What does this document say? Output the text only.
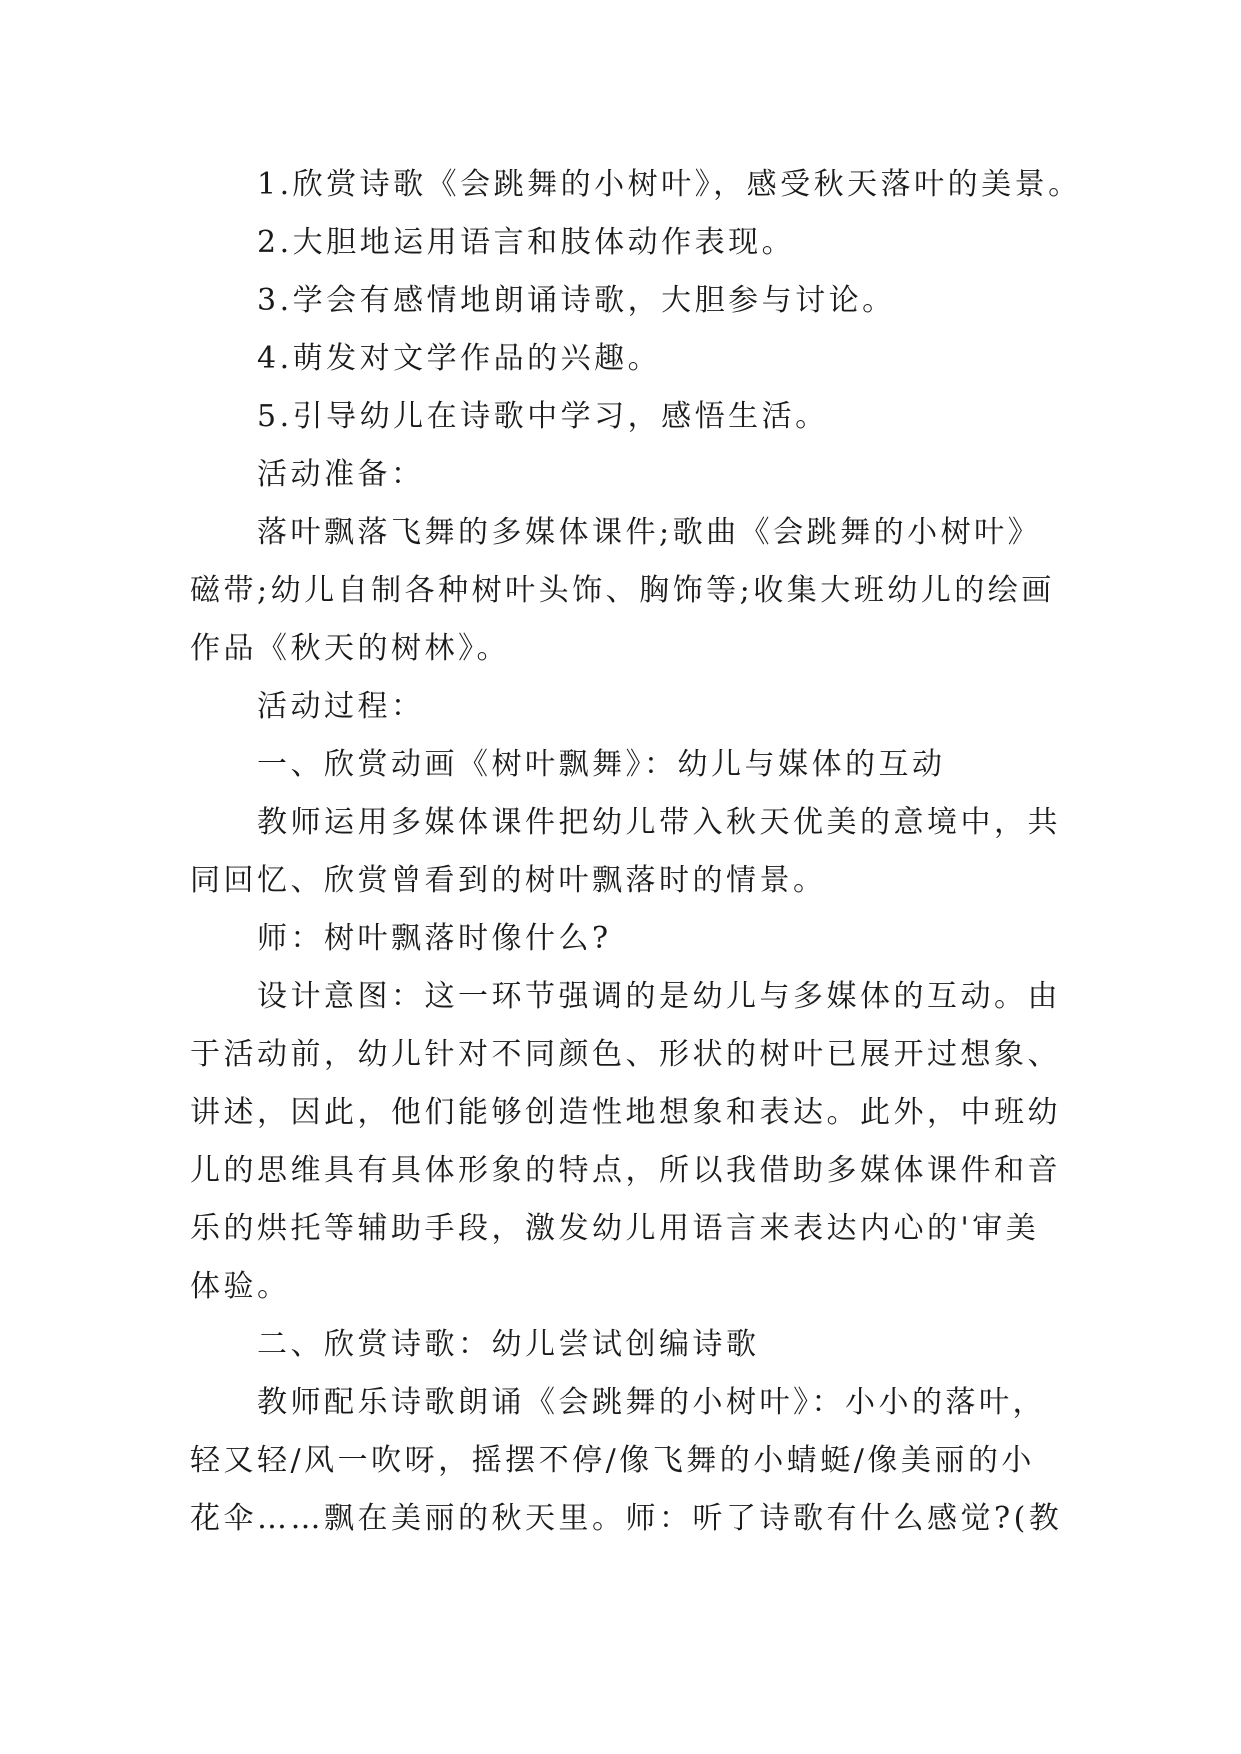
1.欣赏诗歌《会跳舞的小树叶》，感受秋天落叶的美景。
2.大胆地运用语言和肢体动作表现。
3.学会有感情地朗诵诗歌，大胆参与讨论。
4.萌发对文学作品的兴趣。
5.引导幼儿在诗歌中学习，感悟生活。
活动准备：
落叶飘落飞舞的多媒体课件;歌曲《会跳舞的小树叶》
磁带;幼儿自制各种树叶头饰、胸饰等;收集大班幼儿的绘画
作品《秋天的树林》。
活动过程：
一、欣赏动画《树叶飘舞》：幼儿与媒体的互动
教师运用多媒体课件把幼儿带入秋天优美的意境中，共
同回忆、欣赏曾看到的树叶飘落时的情景。
师：树叶飘落时像什么?
设计意图：这一环节强调的是幼儿与多媒体的互动。由
于活动前，幼儿针对不同颜色、形状的树叶已展开过想象、
讲述，因此，他们能够创造性地想象和表达。此外，中班幼
儿的思维具有具体形象的特点，所以我借助多媒体课件和音
乐的烘托等辅助手段，激发幼儿用语言来表达内心的'审美
体验。
二、欣赏诗歌：幼儿尝试创编诗歌
教师配乐诗歌朗诵《会跳舞的小树叶》：小小的落叶，
轻又轻/风一吹呀，摇摆不停/像飞舞的小蜻蜓/像美丽的小
花伞……飘在美丽的秋天里。师：听了诗歌有什么感觉?(教
